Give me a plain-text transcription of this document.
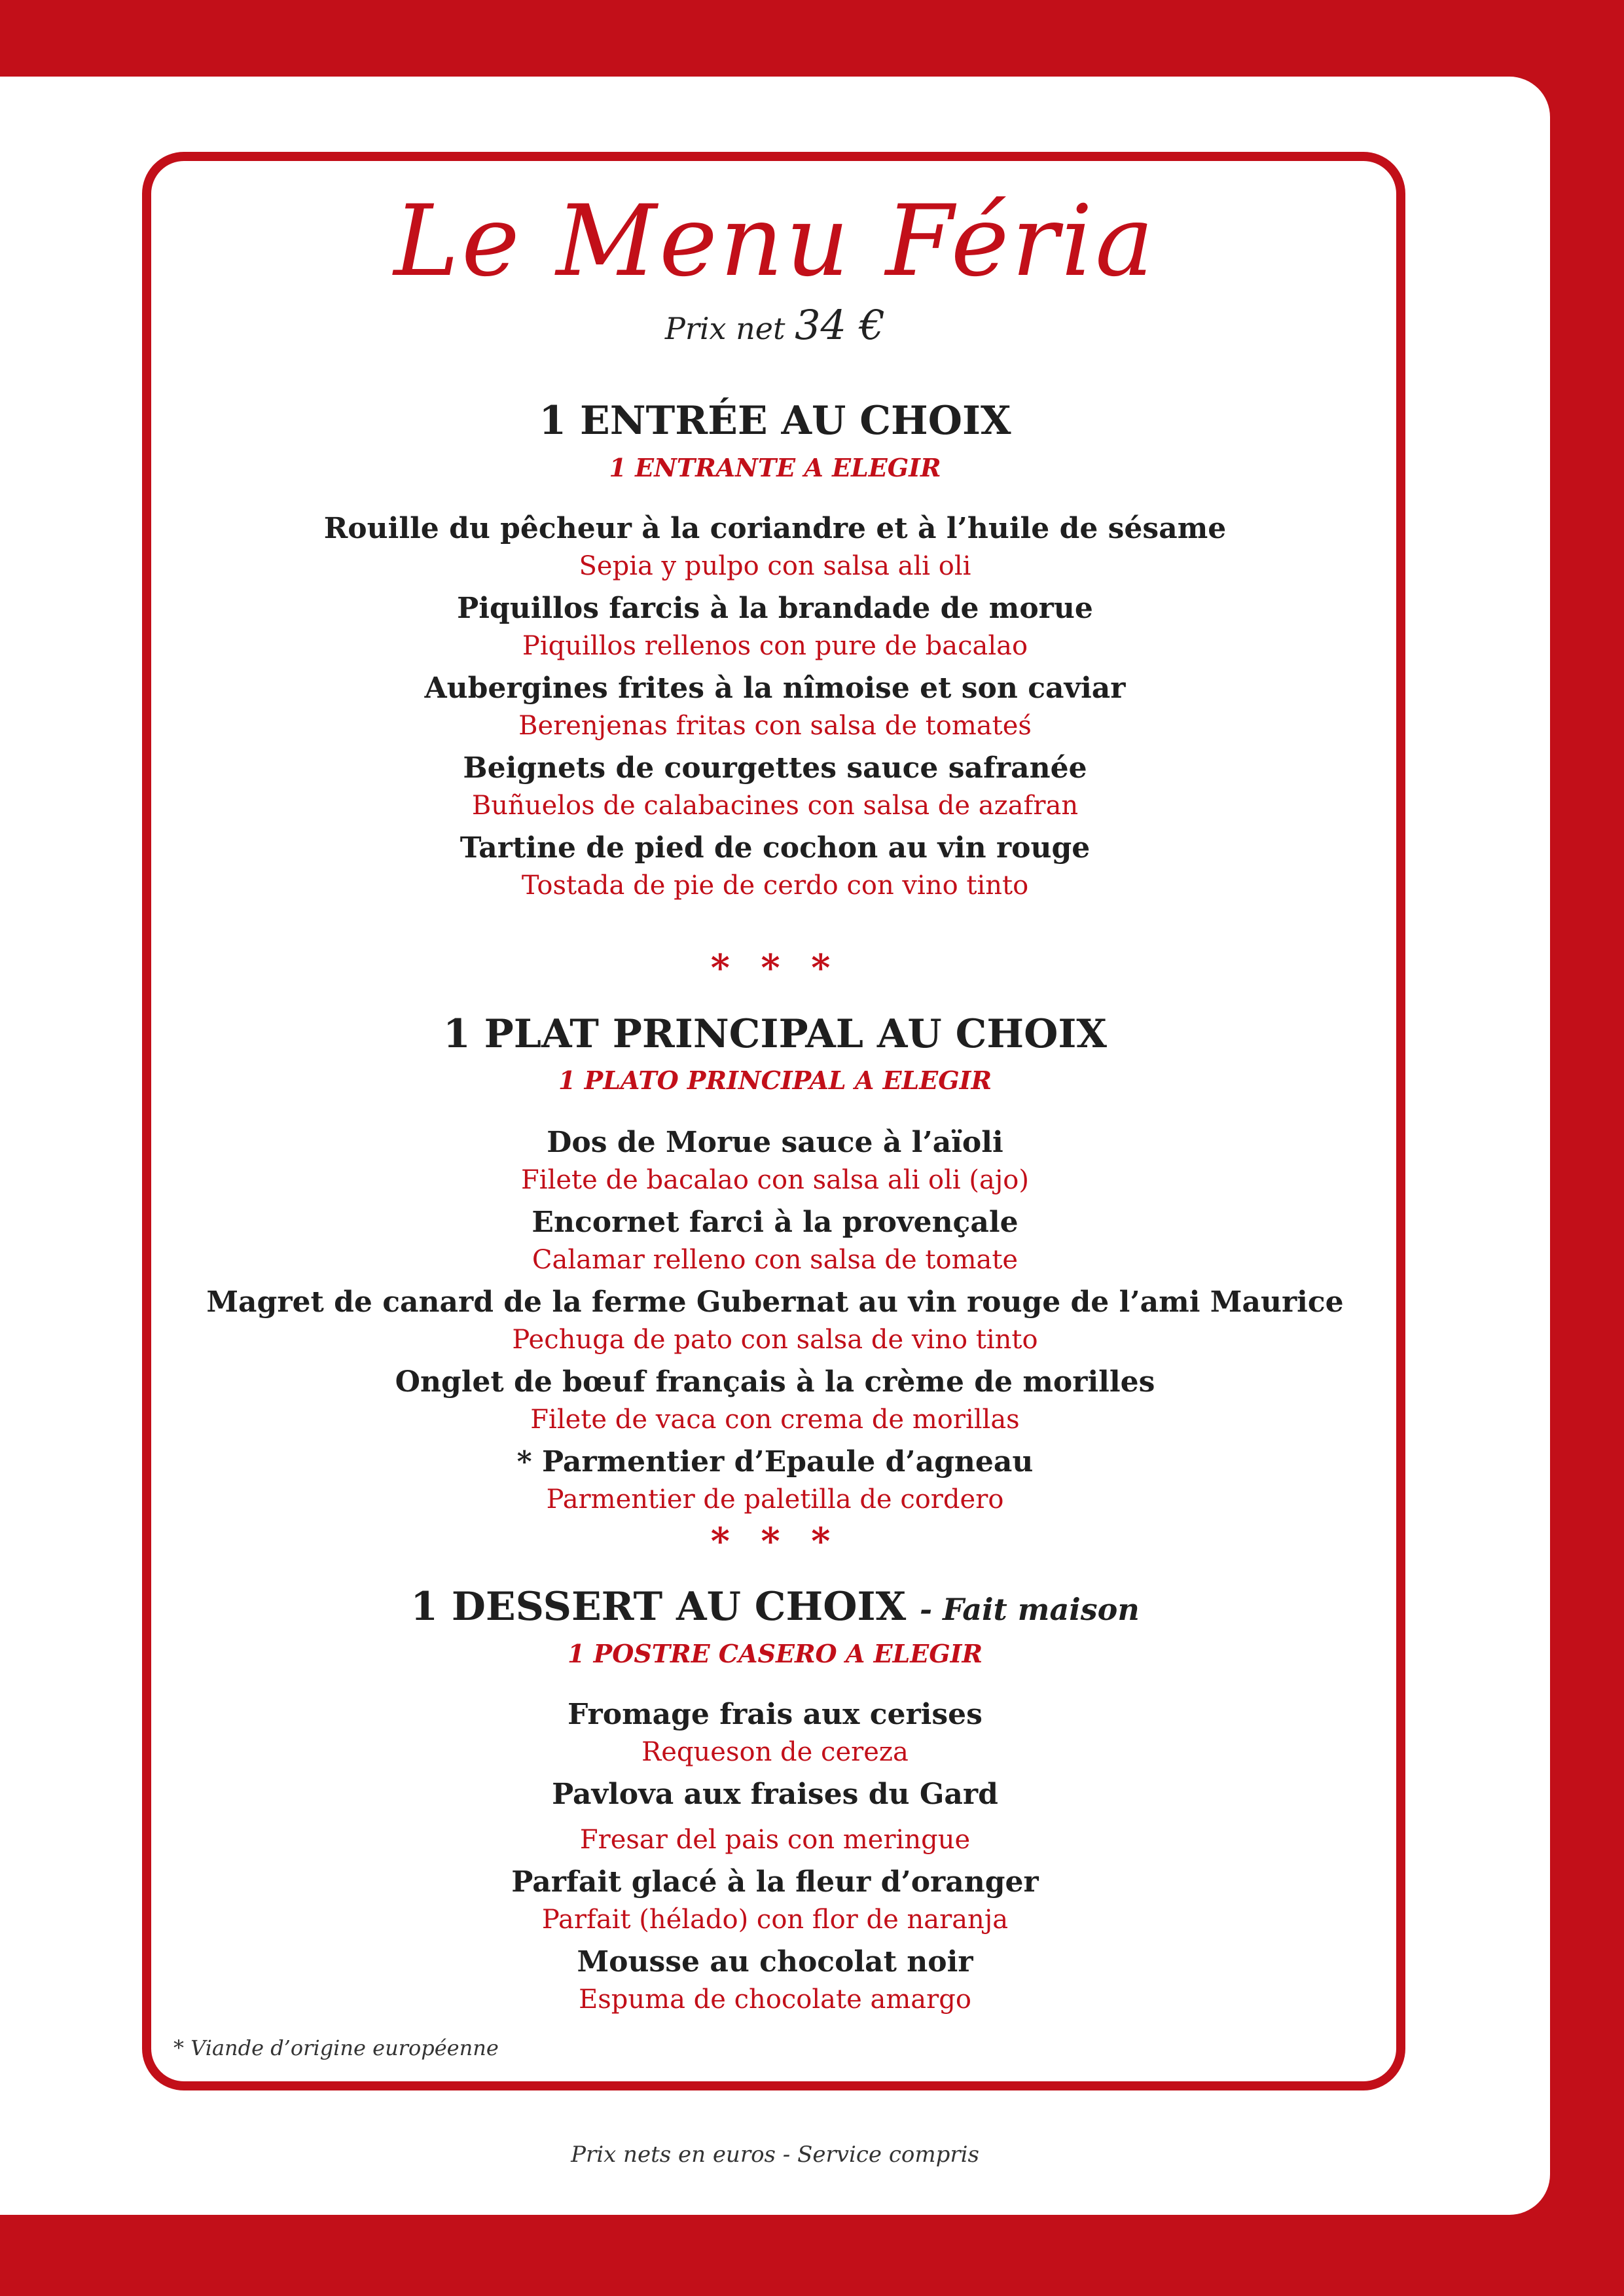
Le Menu Féria
Prix net 34 €
1 ENTRÉE AU CHOIX
1 ENTRANTE A ELEGIR
Rouille du pêcheur à la coriandre et à l’huile de sésame
Sepia y pulpo con salsa ali oli
Piquillos farcis à la brandade de morue
Piquillos rellenos con pure de bacalao
Aubergines frites à la nîmoise et son caviar
Berenjenas fritas con salsa de tomateś
Beignets de courgettes sauce safranée
Buñuelos de calabacines con salsa de azafran
Tartine de pied de cochon au vin rouge
Tostada de pie de cerdo con vino tinto
* * *
1 PLAT PRINCIPAL AU CHOIX
1 PLATO PRINCIPAL A ELEGIR
Dos de Morue sauce à l’aïoli
Filete de bacalao con salsa ali oli (ajo)
Encornet farci à la provençale
Calamar relleno con salsa de tomate
Magret de canard de la ferme Gubernat au vin rouge de l’ami Maurice
Pechuga de pato con salsa de vino tinto
Onglet de bœuf français à la crème de morilles
Filete de vaca con crema de morillas
* Parmentier d’Epaule d’agneau
Parmentier de paletilla de cordero
* * *
1 DESSERT AU CHOIX - Fait maison
1 POSTRE CASERO A ELEGIR
Fromage frais aux cerises
Requeson de cereza
Pavlova aux fraises du Gard
Fresar del pais con meringue
Parfait glacé à la fleur d’oranger
Parfait (hélado) con flor de naranja
Mousse au chocolat noir
Espuma de chocolate amargo
* Viande d’origine européenne
Prix nets en euros - Service compris
